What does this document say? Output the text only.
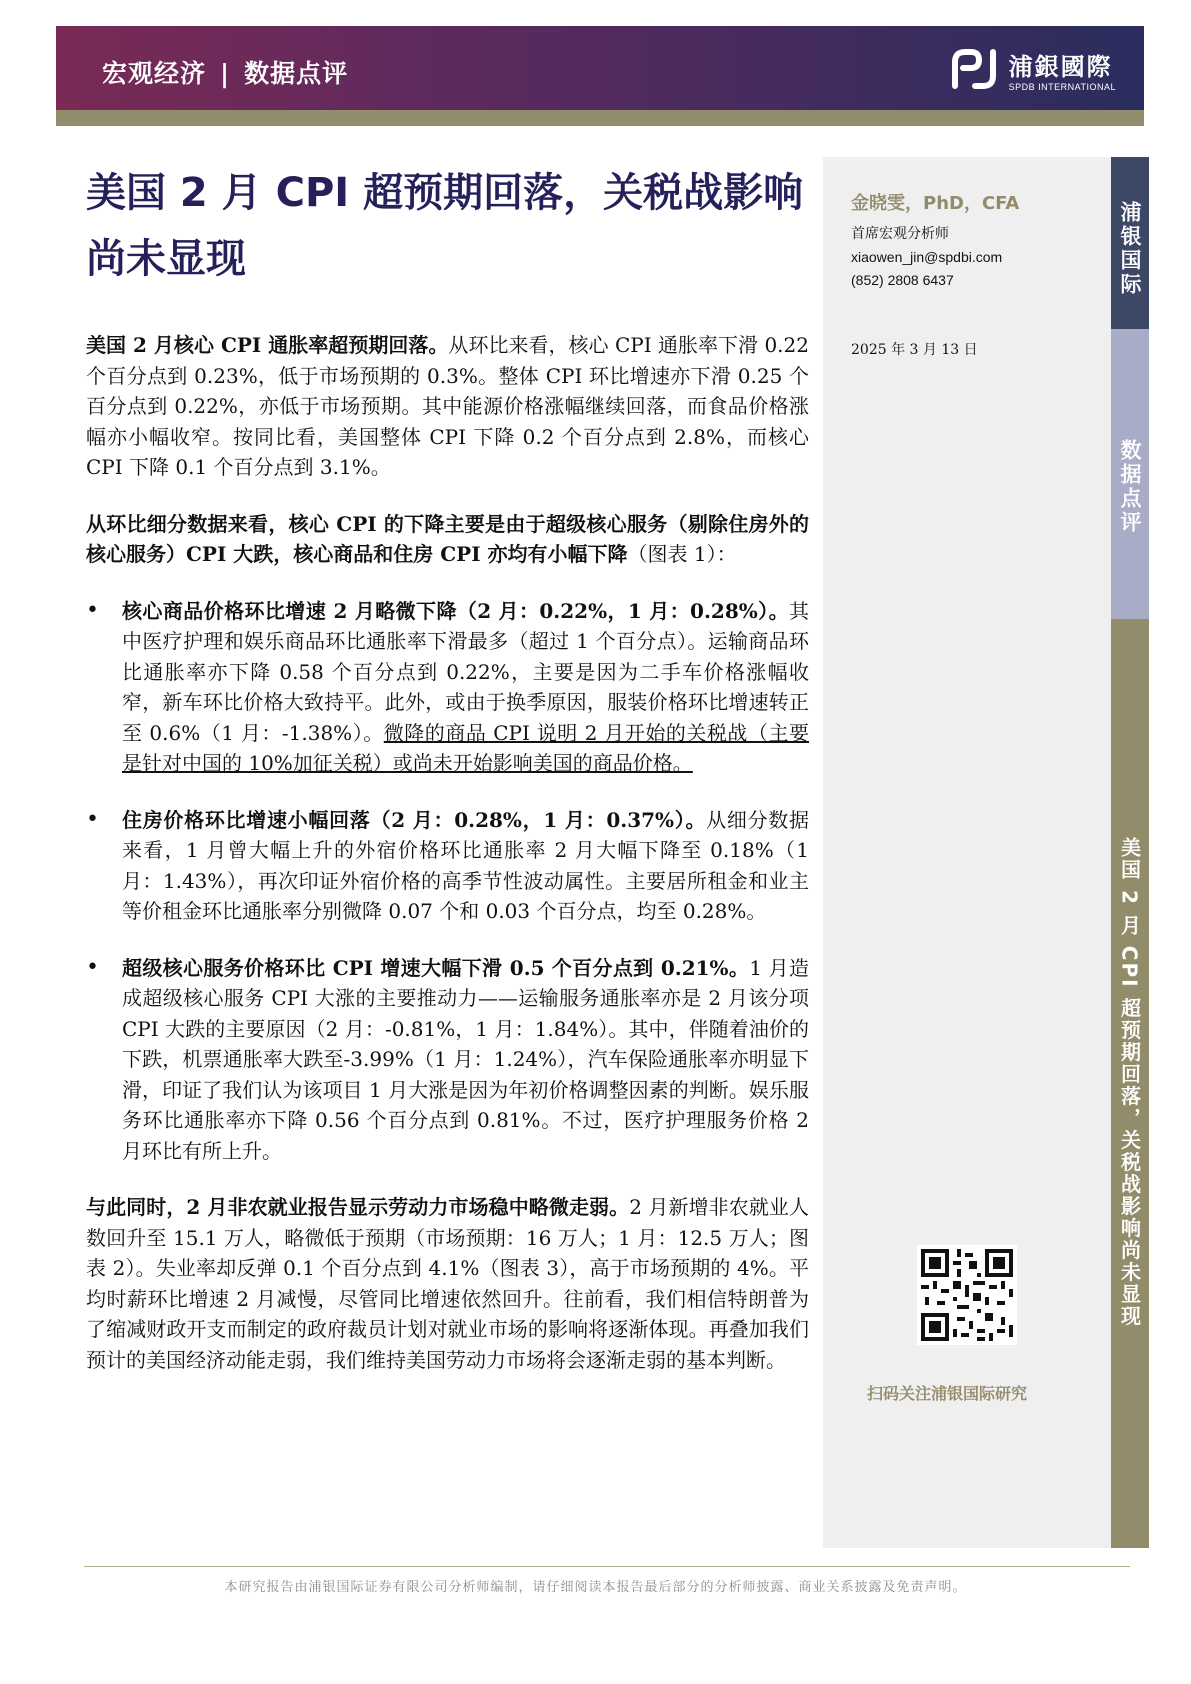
宏观经济 | 数据点评	浦銀國際
SPDB INTERNATIONAL
美国 2 月 CPI 超预期回落，关税战影响尚未显现

美国 2 月核心 CPI 通胀率超预期回落。从环比来看，核心 CPI 通胀率下滑 0.22 个百分点到 0.23%，低于市场预期的 0.3%。整体 CPI 环比增速亦下滑 0.25 个百分点到 0.22%，亦低于市场预期。其中能源价格涨幅继续回落，而食品价格涨幅亦小幅收窄。按同比看，美国整体 CPI 下降 0.2 个百分点到 2.8%，而核心 CPI 下降 0.1 个百分点到 3.1%。

从环比细分数据来看，核心 CPI 的下降主要是由于超级核心服务（剔除住房外的核心服务）CPI 大跌，核心商品和住房 CPI 亦均有小幅下降（图表 1）：

• 核心商品价格环比增速 2 月略微下降（2 月：0.22%，1 月：0.28%）。其中医疗护理和娱乐商品环比通胀率下滑最多（超过 1 个百分点）。运输商品环比通胀率亦下降 0.58 个百分点到 0.22%，主要是因为二手车价格涨幅收窄，新车环比价格大致持平。此外，或由于换季原因，服装价格环比增速转正至 0.6%（1 月：-1.38%）。微降的商品 CPI 说明 2 月开始的关税战（主要是针对中国的 10%加征关税）或尚未开始影响美国的商品价格。
• 住房价格环比增速小幅回落（2 月：0.28%，1 月：0.37%）。从细分数据来看，1 月曾大幅上升的外宿价格环比通胀率 2 月大幅下降至 0.18%（1 月：1.43%），再次印证外宿价格的高季节性波动属性。主要居所租金和业主等价租金环比通胀率分别微降 0.07 个和 0.03 个百分点，均至 0.28%。
• 超级核心服务价格环比 CPI 增速大幅下滑 0.5 个百分点到 0.21%。1 月造成超级核心服务 CPI 大涨的主要推动力——运输服务通胀率亦是 2 月该分项 CPI 大跌的主要原因（2 月：-0.81%，1 月：1.84%）。其中，伴随着油价的下跌，机票通胀率大跌至-3.99%（1 月：1.24%），汽车保险通胀率亦明显下滑，印证了我们认为该项目 1 月大涨是因为年初价格调整因素的判断。娱乐服务环比通胀率亦下降 0.56 个百分点到 0.81%。不过，医疗护理服务价格 2 月环比有所上升。

与此同时，2 月非农就业报告显示劳动力市场稳中略微走弱。2 月新增非农就业人数回升至 15.1 万人，略微低于预期（市场预期：16 万人；1 月：12.5 万人；图表 2）。失业率却反弹 0.1 个百分点到 4.1%（图表 3），高于市场预期的 4%。平均时薪环比增速 2 月减慢，尽管同比增速依然回升。往前看，我们相信特朗普为了缩减财政开支而制定的政府裁员计划对就业市场的影响将逐渐体现。再叠加我们预计的美国经济动能走弱，我们维持美国劳动力市场将会逐渐走弱的基本判断。

金晓雯，PhD，CFA
首席宏观分析师
xiaowen_jin@spdbi.com
(852) 2808 6437
2025 年 3 月 13 日
扫码关注浦银国际研究
浦银国际
数据点评
美国 2 月 CPI 超预期回落，关税战影响尚未显现
本研究报告由浦银国际证券有限公司分析师编制，请仔细阅读本报告最后部分的分析师披露、商业关系披露及免责声明。
